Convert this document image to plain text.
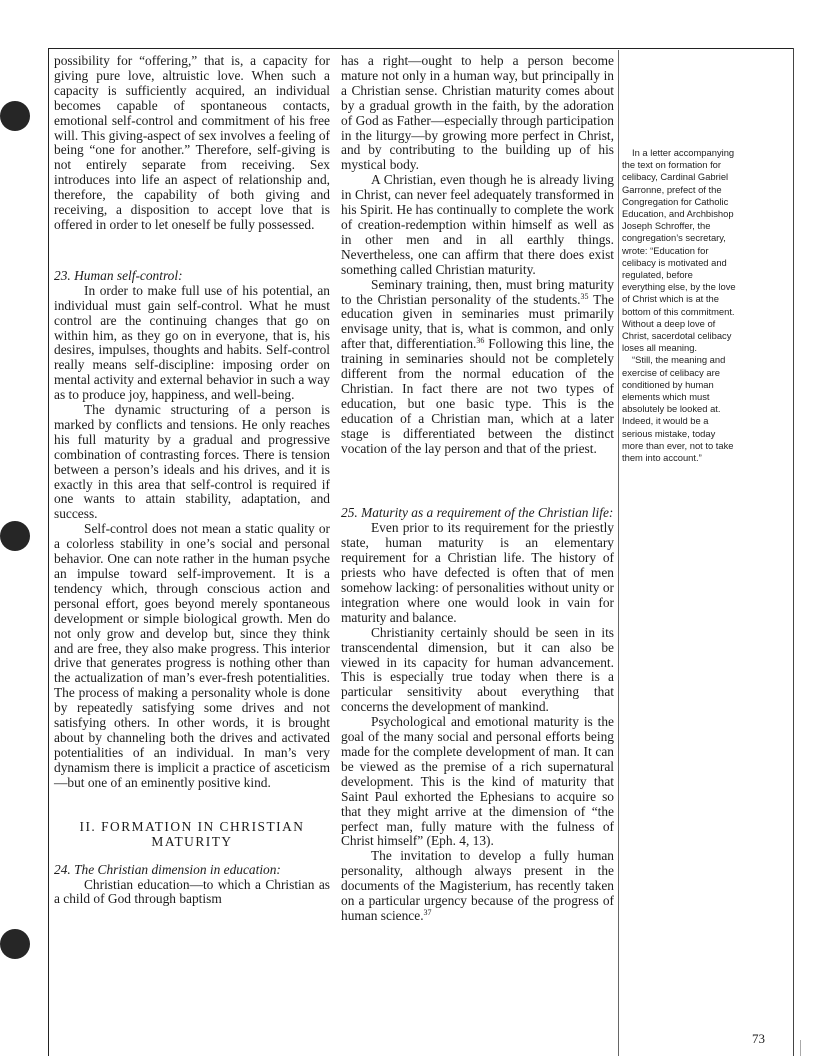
possibility for “offering,” that is, a capacity for giving pure love, altruistic love. When such a capacity is sufficiently acquired, an individual becomes capable of spontaneous contacts, emotional self-control and commitment of his free will. This giving-aspect of sex involves a feeling of being “one for another.” Therefore, self-giving is not entirely separate from receiving. Sex introduces into life an aspect of relationship and, therefore, the capability of both giving and receiving, a disposition to accept love that is offered in order to let oneself be fully possessed.

23. Human self-control:

In order to make full use of his potential, an individual must gain self-control. What he must control are the continuing changes that go on within him, as they go on in everyone, that is, his desires, impulses, thoughts and habits. Self-control really means self-discipline: imposing order on mental activity and external behavior in such a way as to produce joy, happiness, and well-being.

The dynamic structuring of a person is marked by conflicts and tensions. He only reaches his full maturity by a gradual and progressive combination of contrasting forces. There is tension between a person’s ideals and his drives, and it is exactly in this area that self-control is required if one wants to attain stability, adaptation, and success.

Self-control does not mean a static quality or a colorless stability in one’s social and personal behavior. One can note rather in the human psyche an impulse toward self-improvement. It is a tendency which, through conscious action and personal effort, goes beyond merely spontaneous development or simple biological growth. Men do not only grow and develop but, since they think and are free, they also make progress. This interior drive that generates progress is nothing other than the actualization of man’s ever-fresh potentialities. The process of making a personality whole is done by repeatedly satisfying some drives and not satisfying others. In other words, it is brought about by channeling both the drives and activated potentialities of an individual. In man’s very dynamism there is implicit a practice of asceticism—but one of an eminently positive kind.

II. FORMATION IN CHRISTIAN
MATURITY
24. The Christian dimension in education:

Christian education—to which a Christian as a child of God through baptism

has a right—ought to help a person become mature not only in a human way, but principally in a Christian sense. Christian maturity comes about by a gradual growth in the faith, by the adoration of God as Father—especially through participation in the liturgy—by growing more perfect in Christ, and by contributing to the building up of his mystical body.

A Christian, even though he is already living in Christ, can never feel adequately transformed in his Spirit. He has continually to complete the work of creation-redemption within himself as well as in other men and in all earthly things. Nevertheless, one can affirm that there does exist something called Christian maturity.

Seminary training, then, must bring maturity to the Christian personality of the students.$^{35}$ The education given in seminaries must primarily envisage unity, that is, what is common, and only after that, differentiation.$^{36}$ Following this line, the training in seminaries should not be completely different from the normal education of the Christian. In fact there are not two types of education, but one basic type. This is the education of a Christian man, which at a later stage is differentiated between the distinct vocation of the lay person and that of the priest.

25. Maturity as a requirement of the Christian life:

Even prior to its requirement for the priestly state, human maturity is an elementary requirement for a Christian life. The history of priests who have defected is often that of men somehow lacking: of personalities without unity or integration where one would look in vain for maturity and balance.

Christianity certainly should be seen in its transcendental dimension, but it can also be viewed in its capacity for human advancement. This is especially true today when there is a particular sensitivity about everything that concerns the development of mankind.

Psychological and emotional maturity is the goal of the many social and personal efforts being made for the complete development of man. It can be viewed as the premise of a rich supernatural development. This is the kind of maturity that Saint Paul exhorted the Ephesians to acquire so that they might arrive at the dimension of “the perfect man, fully mature with the fulness of Christ himself” (Eph. 4, 13).

The invitation to develop a fully human personality, although always present in the documents of the Magisterium, has recently taken on a particular urgency because of the progress of human science.$^{37}$

In a letter accompanying the text on formation for celibacy, Cardinal Gabriel Garronne, prefect of the Congregation for Catholic Education, and Archbishop Joseph Schroffer, the congregation’s secretary, wrote: “Education for celibacy is motivated and regulated, before everything else, by the love of Christ which is at the bottom of this commitment. Without a deep love of Christ, sacerdotal celibacy loses all meaning.

“Still, the meaning and exercise of celibacy are conditioned by human elements which must absolutely be looked at. Indeed, it would be a serious mistake, today more than ever, not to take them into account.”

73
